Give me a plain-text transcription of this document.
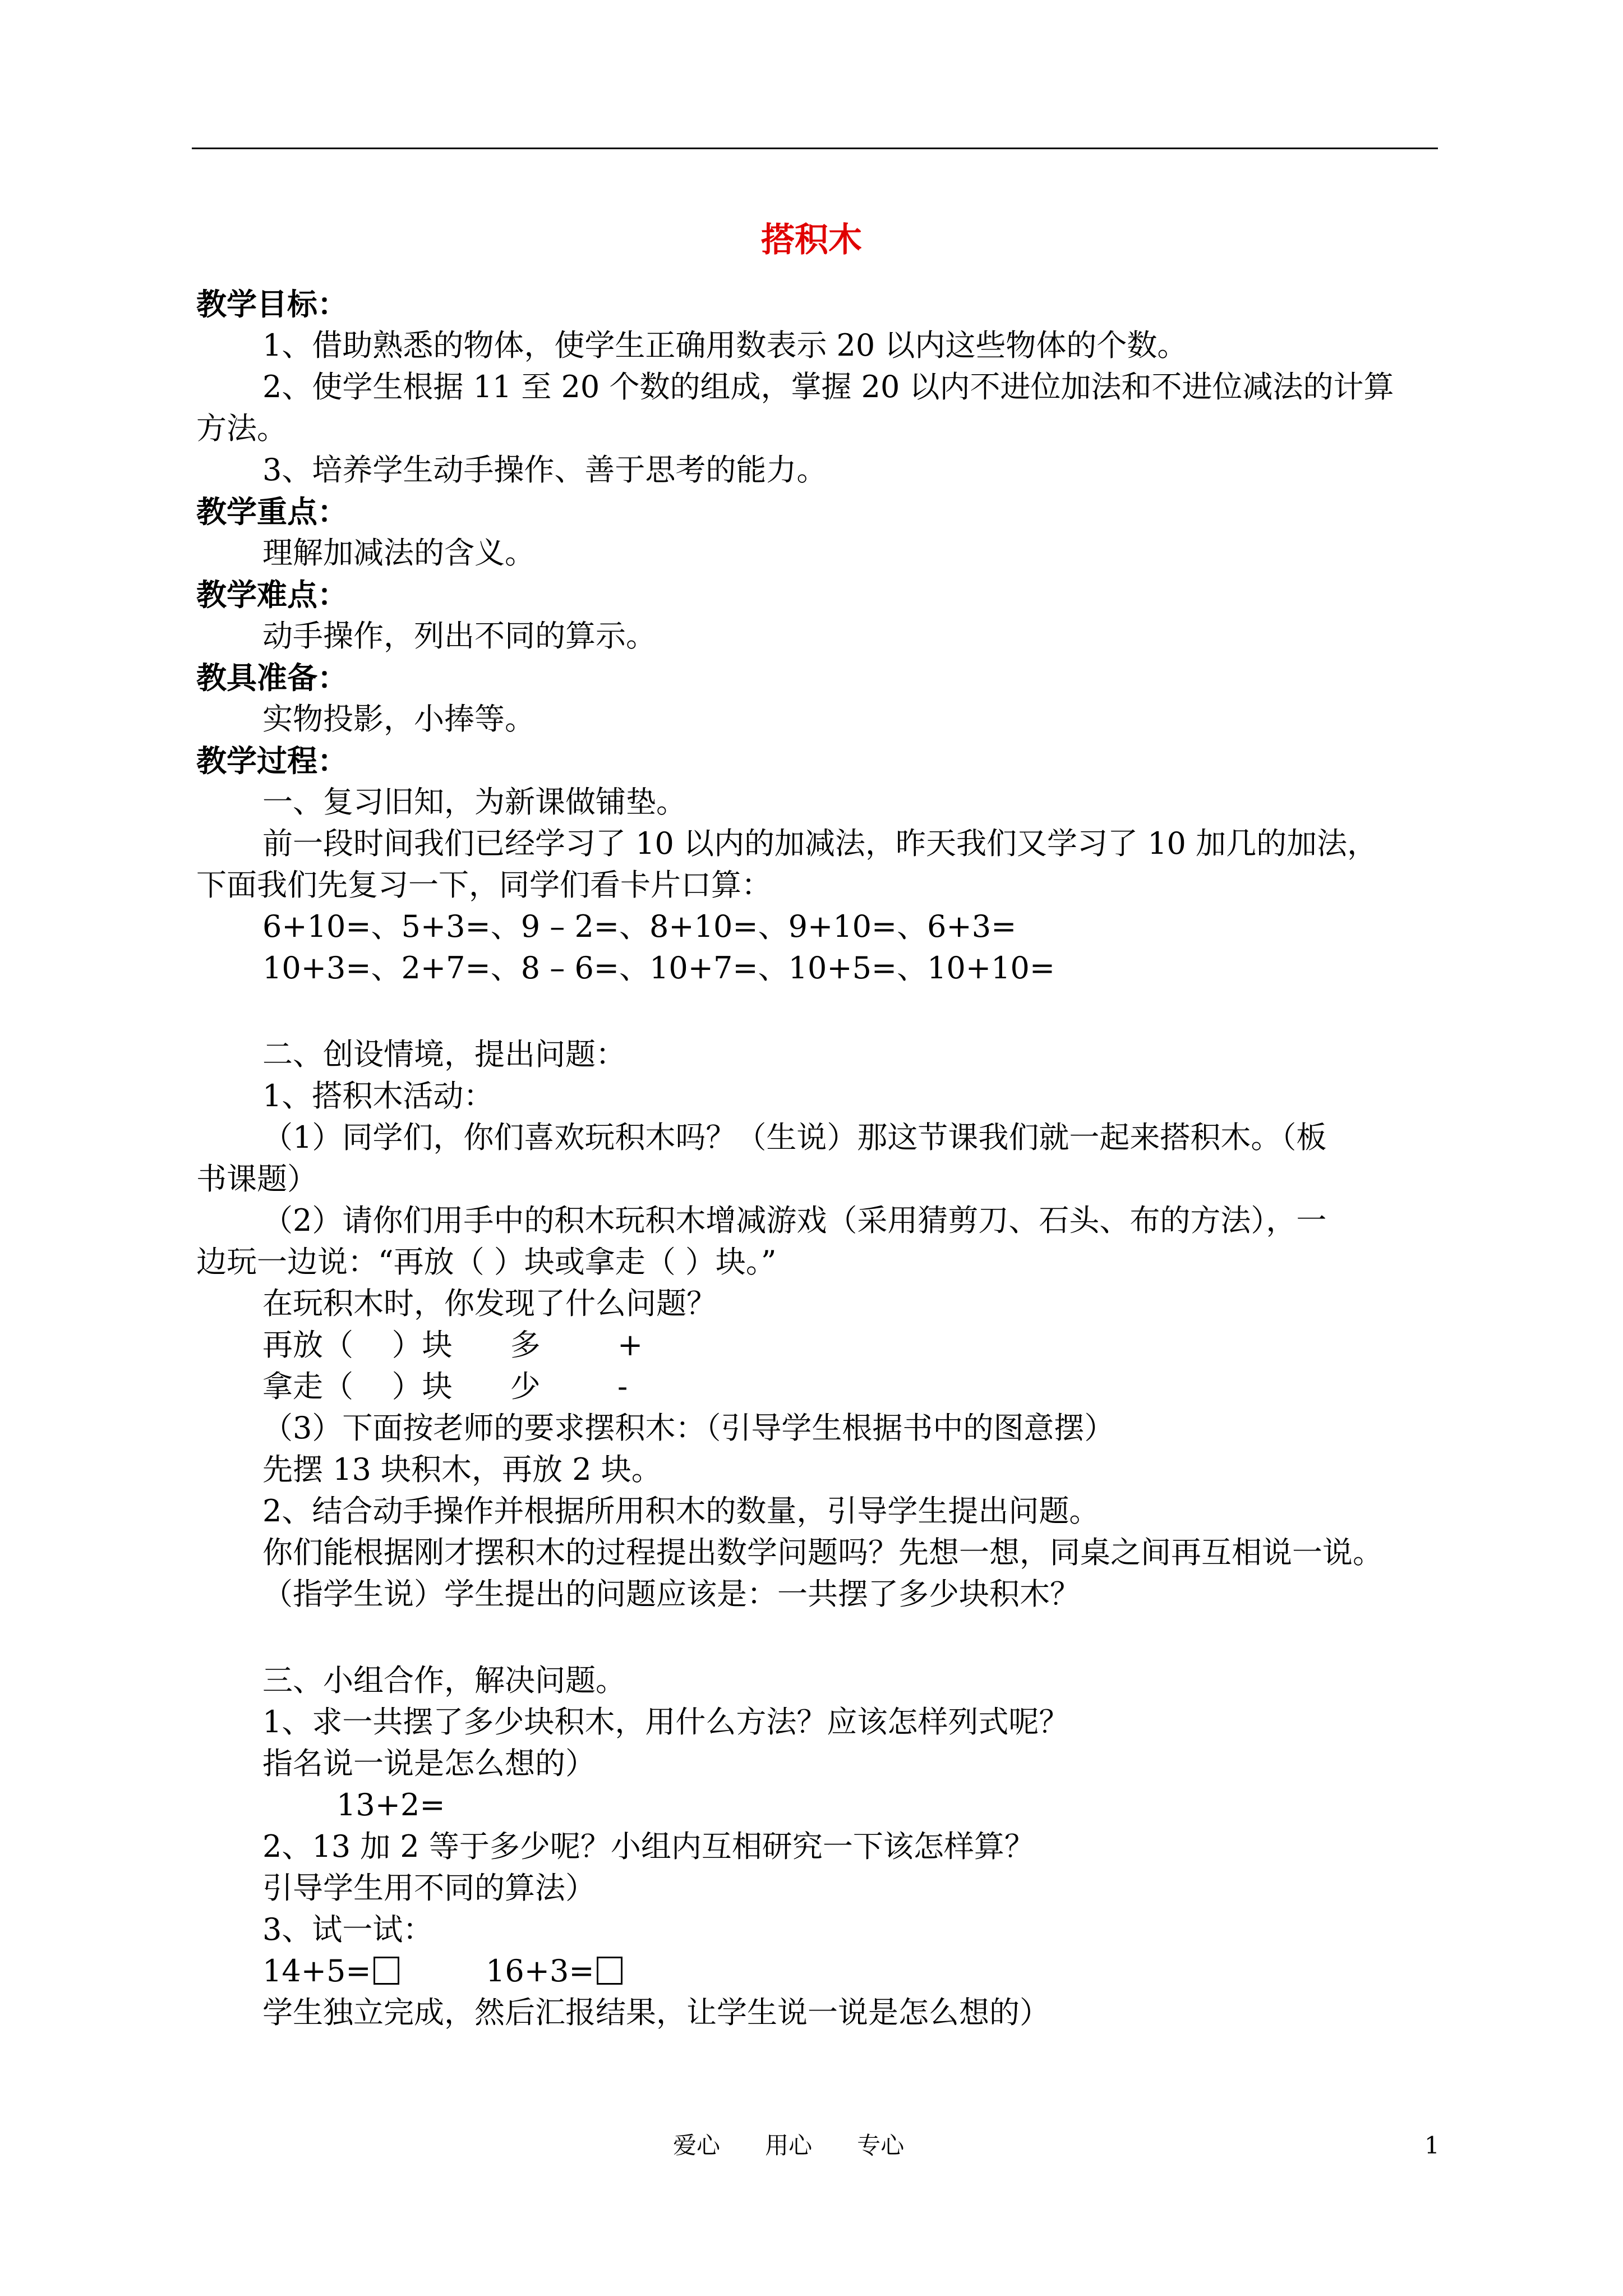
搭积木
教学目标：
1、借助熟悉的物体，使学生正确用数表示 20 以内这些物体的个数。
2、使学生根据 11 至 20 个数的组成，掌握 20 以内不进位加法和不进位减法的计算
方法。
3、培养学生动手操作、善于思考的能力。
教学重点：
理解加减法的含义。
教学难点：
动手操作，列出不同的算示。
教具准备：
实物投影，小捧等。
教学过程：
一、复习旧知，为新课做铺垫。
前一段时间我们已经学习了 10 以内的加减法，昨天我们又学习了 10 加几的加法，
下面我们先复习一下，同学们看卡片口算：
6+10=、5+3=、9 – 2=、8+10=、9+10=、6+3=
10+3=、2+7=、8 – 6=、10+7=、10+5=、10+10=
二、创设情境，提出问题：
1、搭积木活动：
（1）同学们，你们喜欢玩积木吗？（生说）那这节课我们就一起来搭积木。（板
书课题）
（2）请你们用手中的积木玩积木增减游戏（采用猜剪刀、石头、布的方法），一
边玩一边说：“再放（ ）块或拿走（ ）块。”
在玩积木时，你发现了什么问题？
再放（    ）块 多	+
拿走（    ）块 少	-
（3）下面按老师的要求摆积木：（引导学生根据书中的图意摆）
先摆 13 块积木，再放 2 块。
2、结合动手操作并根据所用积木的数量，引导学生提出问题。
你们能根据刚才摆积木的过程提出数学问题吗？先想一想，同桌之间再互相说一说。
（指学生说）学生提出的问题应该是：一共摆了多少块积木？
三、小组合作，解决问题。
1、求一共摆了多少块积木，用什么方法？应该怎样列式呢？
指名说一说是怎么想的）
13+2=
2、13 加 2 等于多少呢？小组内互相研究一下该怎样算？
引导学生用不同的算法）
3、试一试：
14+5=	16+3=
学生独立完成，然后汇报结果，让学生说一说是怎么想的）
爱心      用心      专心	1
